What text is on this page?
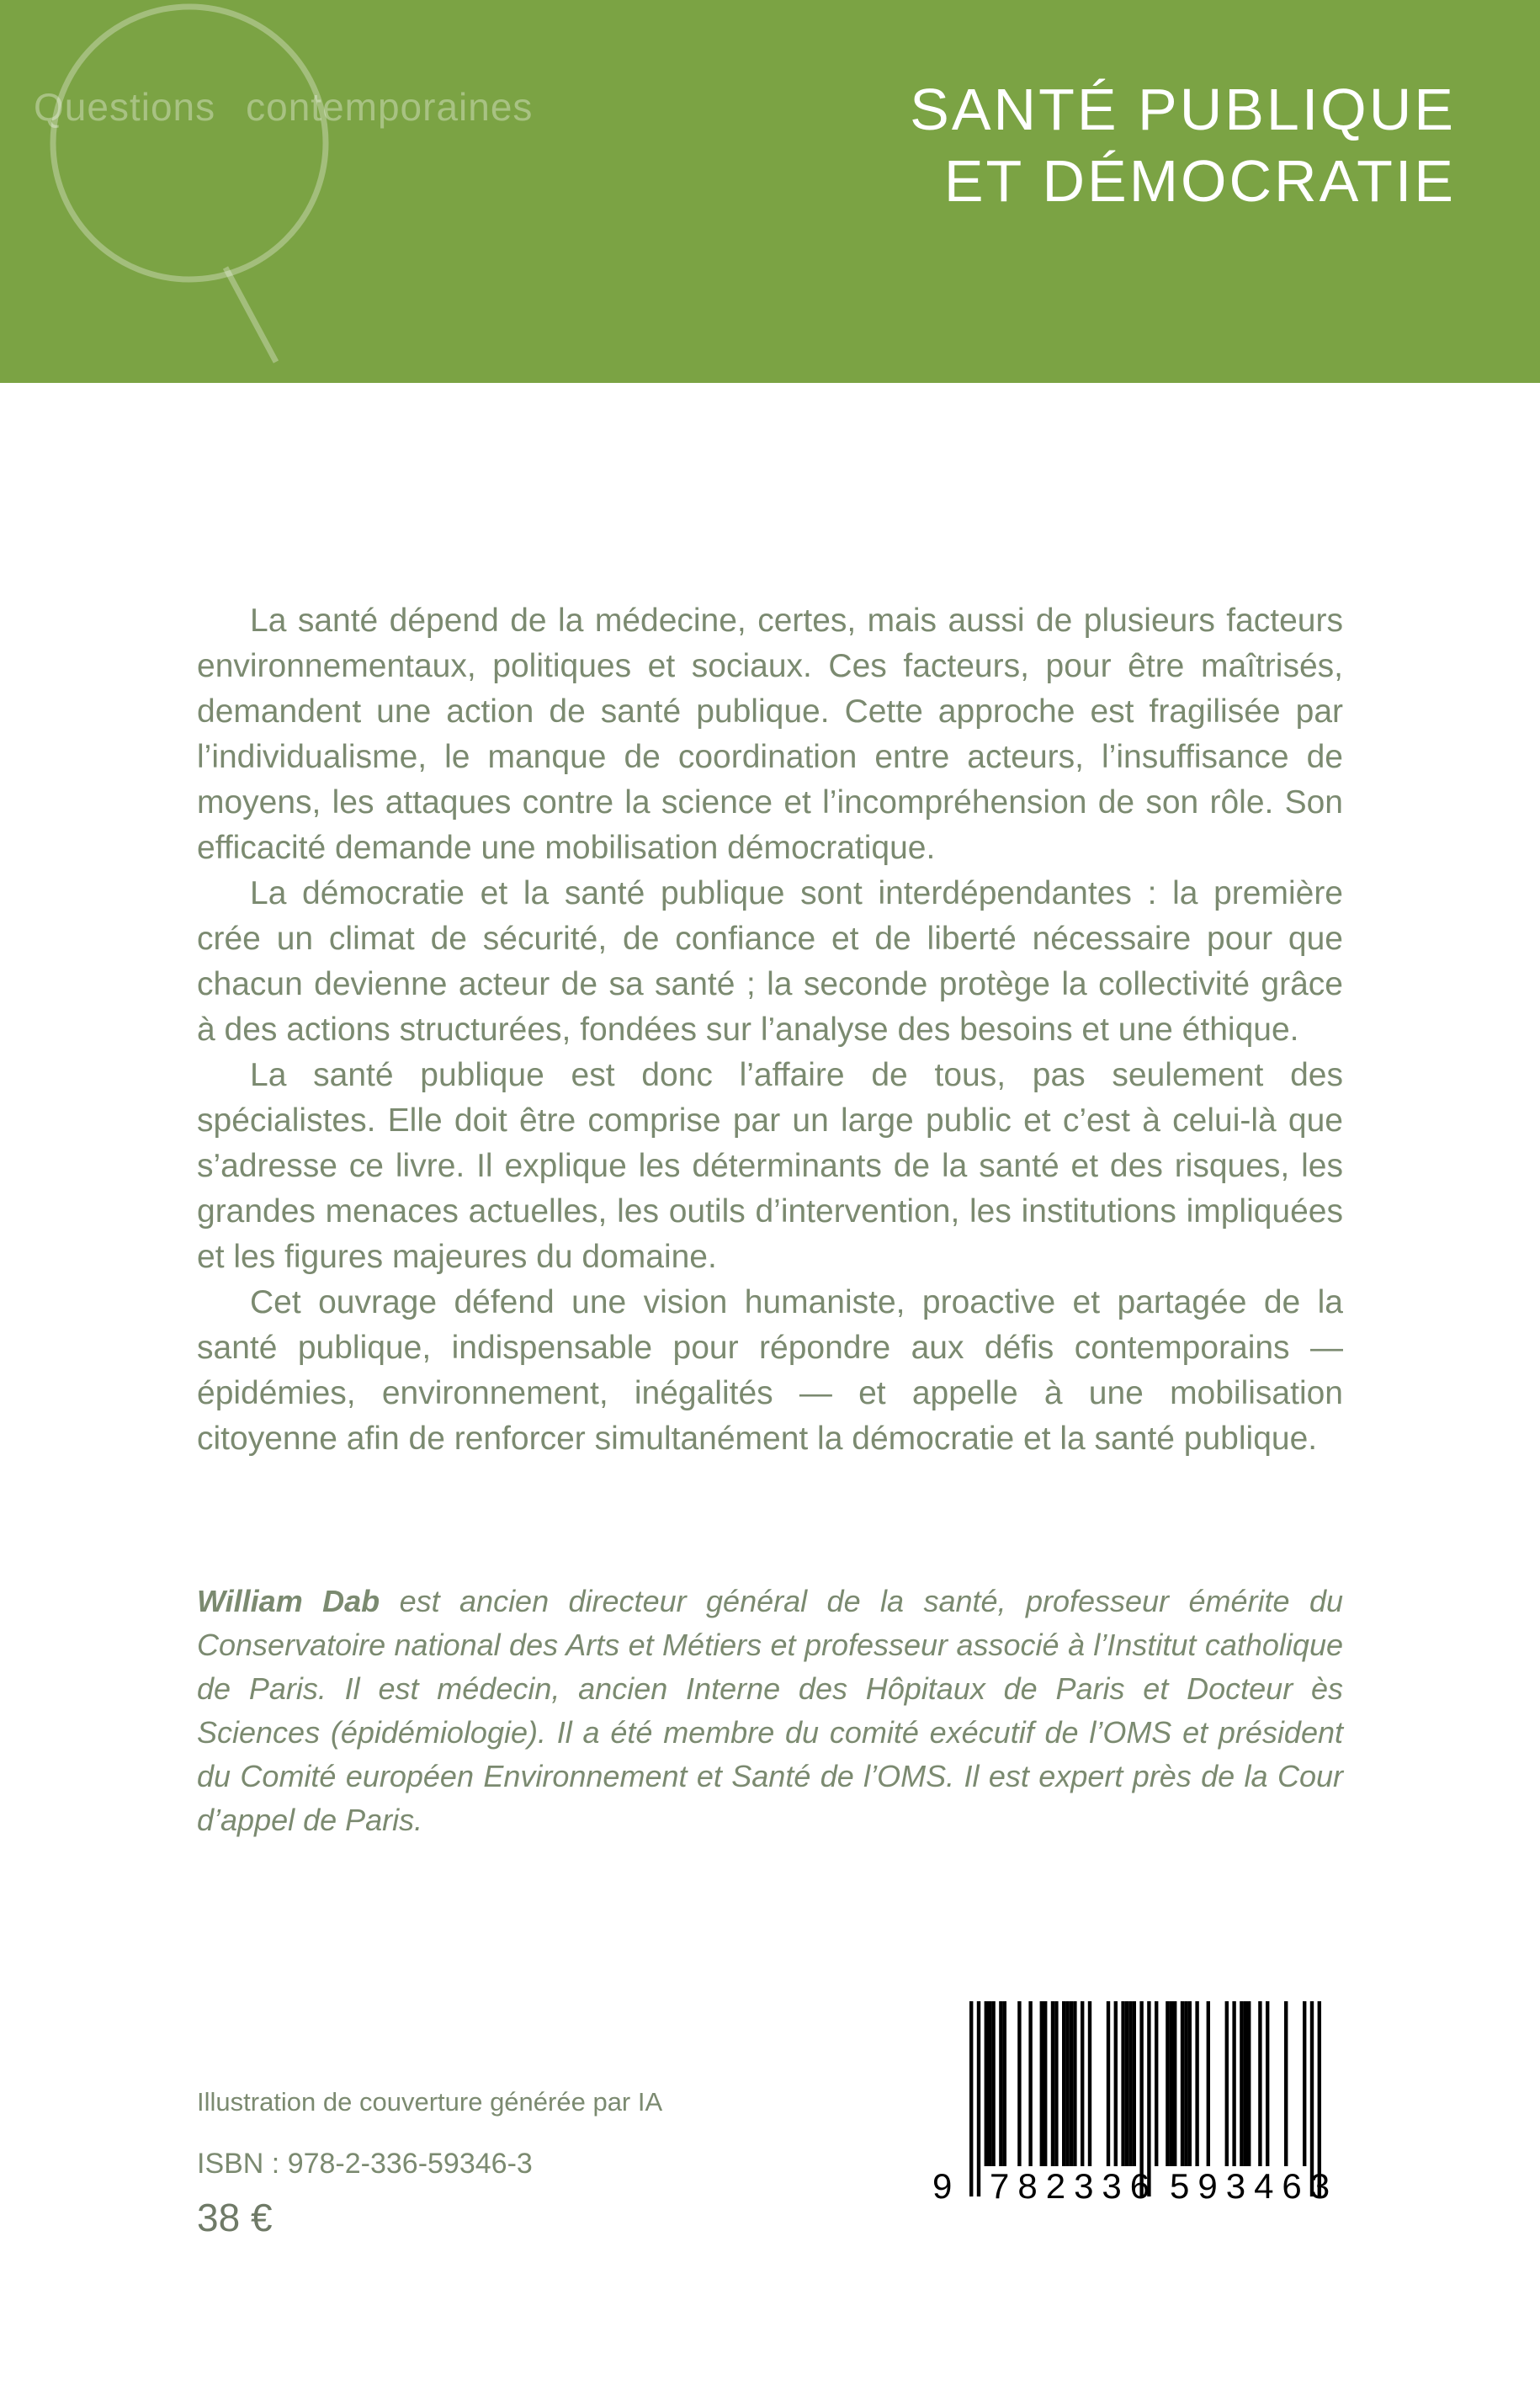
Questions contemporaines	SANTÉ PUBLIQUE
ET DÉMOCRATIE

La santé dépend de la médecine, certes, mais aussi de plusieurs facteurs environnementaux, politiques et sociaux. Ces facteurs, pour être maîtrisés, demandent une action de santé publique. Cette approche est fragilisée par l’individualisme, le manque de coordination entre acteurs, l’insuffisance de moyens, les attaques contre la science et l’incompréhension de son rôle. Son efficacité demande une mobilisation démocratique.

La démocratie et la santé publique sont interdépendantes : la première crée un climat de sécurité, de confiance et de liberté nécessaire pour que chacun devienne acteur de sa santé ; la seconde protège la collectivité grâce à des actions structurées, fondées sur l’analyse des besoins et une éthique.

La santé publique est donc l’affaire de tous, pas seulement des spécialistes. Elle doit être comprise par un large public et c’est à celui-là que s’adresse ce livre. Il explique les déterminants de la santé et des risques, les grandes menaces actuelles, les outils d’intervention, les institutions impliquées et les figures majeures du domaine.

Cet ouvrage défend une vision humaniste, proactive et partagée de la santé publique, indispensable pour répondre aux défis contemporains — épidémies, environnement, inégalités — et appelle à une mobilisation citoyenne afin de renforcer simultanément la démocratie et la santé publique.

William Dab est ancien directeur général de la santé, professeur émérite du Conservatoire national des Arts et Métiers et professeur associé à l’Institut catholique de Paris. Il est médecin, ancien Interne des Hôpitaux de Paris et Docteur ès Sciences (épidémiologie). Il a été membre du comité exécutif de l’OMS et président du Comité européen Environnement et Santé de l’OMS. Il est expert près de la Cour d’appel de Paris.
Illustration de couverture générée par IA
ISBN : 978-2-336-59346-3
38 €
9 782336 593463
